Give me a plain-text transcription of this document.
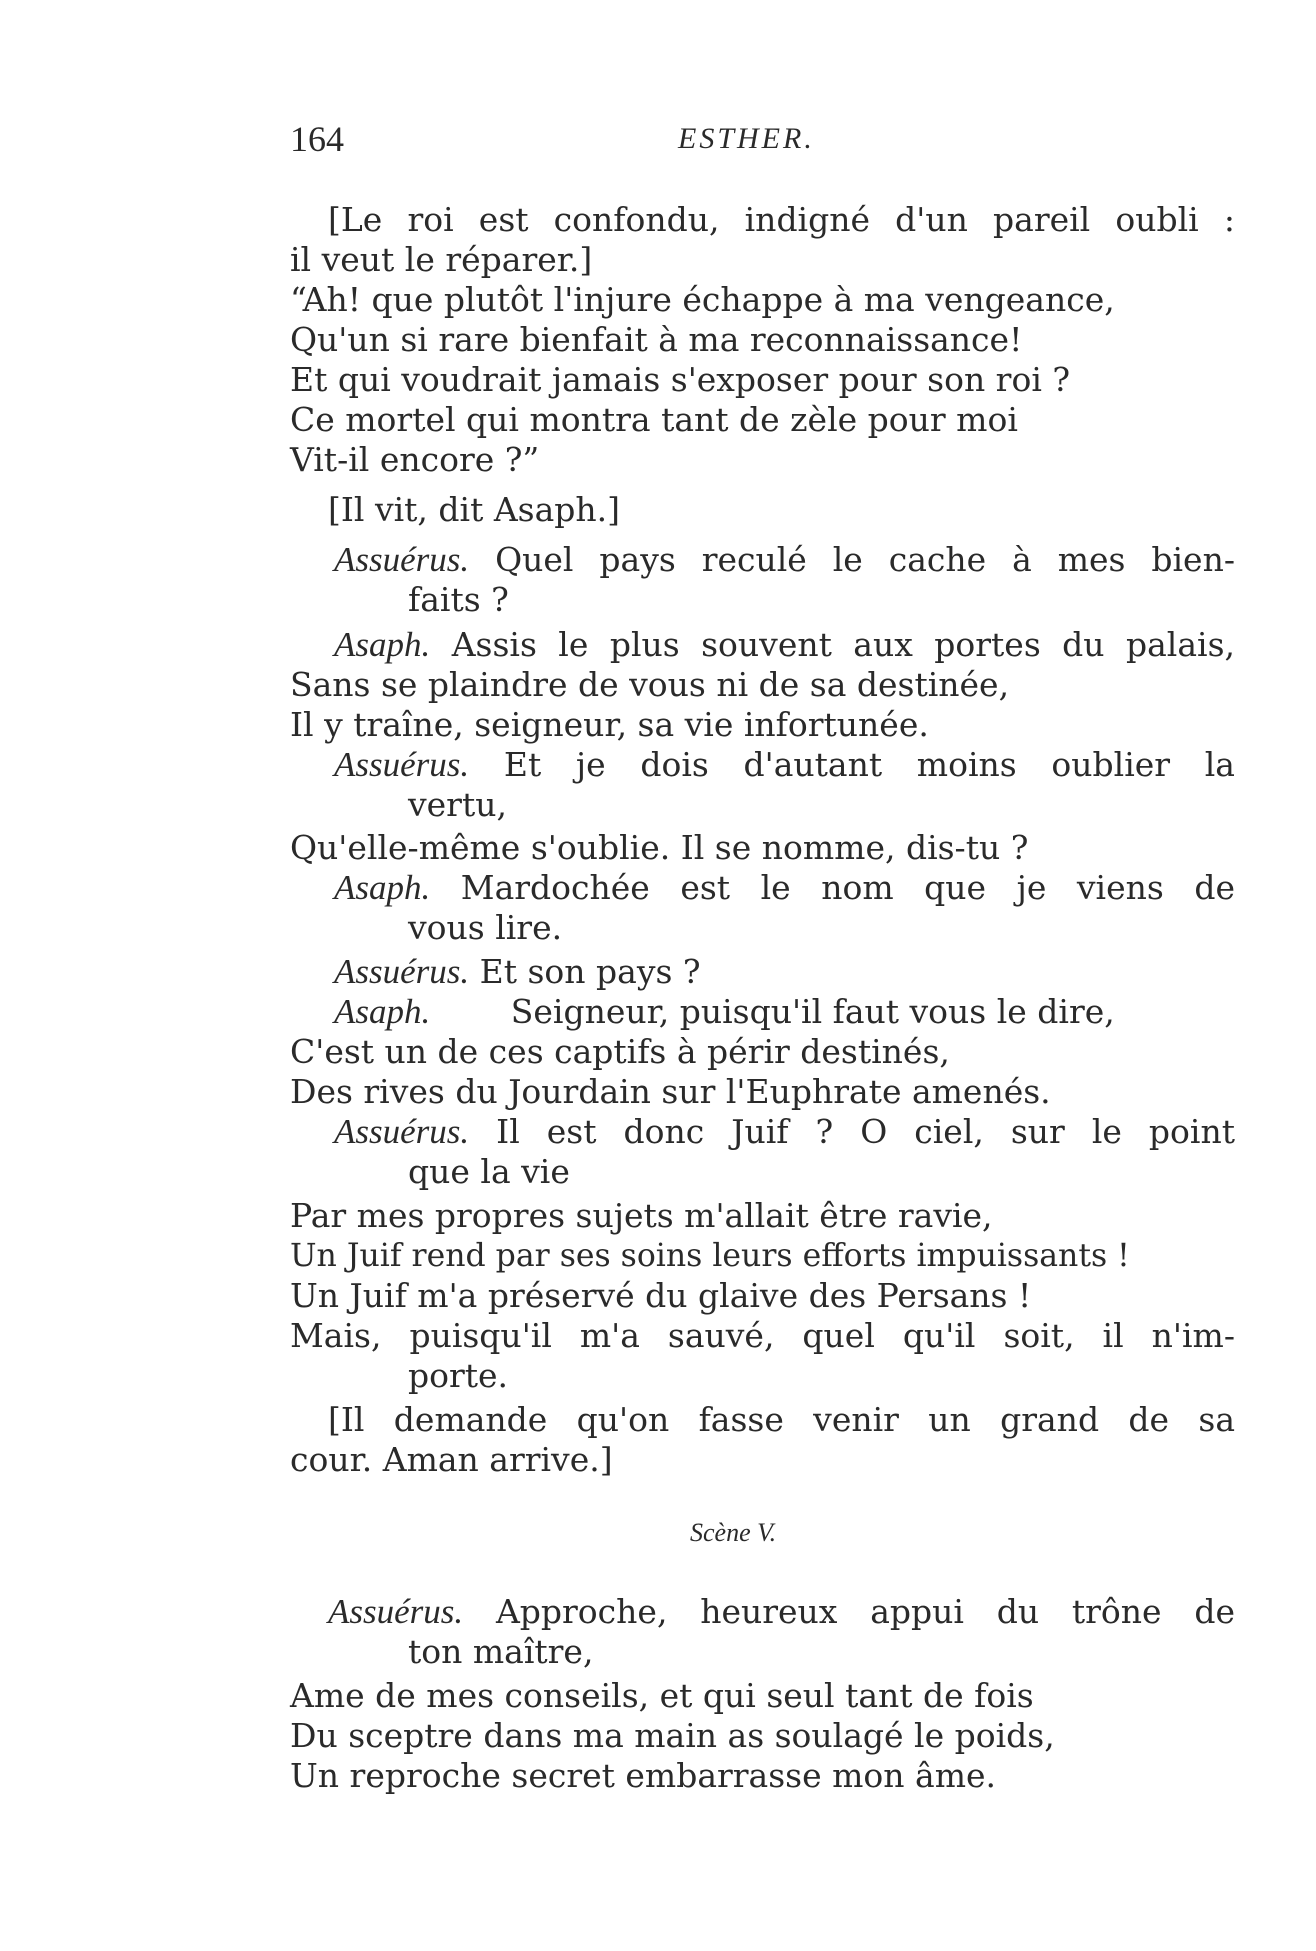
164	ESTHER.
[Le roi est confondu, indigné d'un pareil oubli :
il veut le réparer.]
“Ah! que plutôt l'injure échappe à ma vengeance,
Qu'un si rare bienfait à ma reconnaissance!
Et qui voudrait jamais s'exposer pour son roi ?
Ce mortel qui montra tant de zèle pour moi
Vit-il encore ?”
[Il vit, dit Asaph.]
Assuérus. Quel pays reculé le cache à mes bien-
faits ?
Asaph. Assis le plus souvent aux portes du palais,
Sans se plaindre de vous ni de sa destinée,
Il y traîne, seigneur, sa vie infortunée.
Assuérus. Et je dois d'autant moins oublier la
vertu,
Qu'elle-même s'oublie. Il se nomme, dis-tu ?
Asaph. Mardochée est le nom que je viens de
vous lire.
Assuérus. Et son pays ?
Asaph. Seigneur, puisqu'il faut vous le dire,
C'est un de ces captifs à périr destinés,
Des rives du Jourdain sur l'Euphrate amenés.
Assuérus. Il est donc Juif ? O ciel, sur le point
que la vie
Par mes propres sujets m'allait être ravie,
Un Juif rend par ses soins leurs efforts impuissants !
Un Juif m'a préservé du glaive des Persans !
Mais, puisqu'il m'a sauvé, quel qu'il soit, il n'im-
porte.
[Il demande qu'on fasse venir un grand de sa
cour. Aman arrive.]
Assuérus. Approche, heureux appui du trône de
ton maître,
Ame de mes conseils, et qui seul tant de fois
Du sceptre dans ma main as soulagé le poids,
Un reproche secret embarrasse mon âme.
Scène V.
